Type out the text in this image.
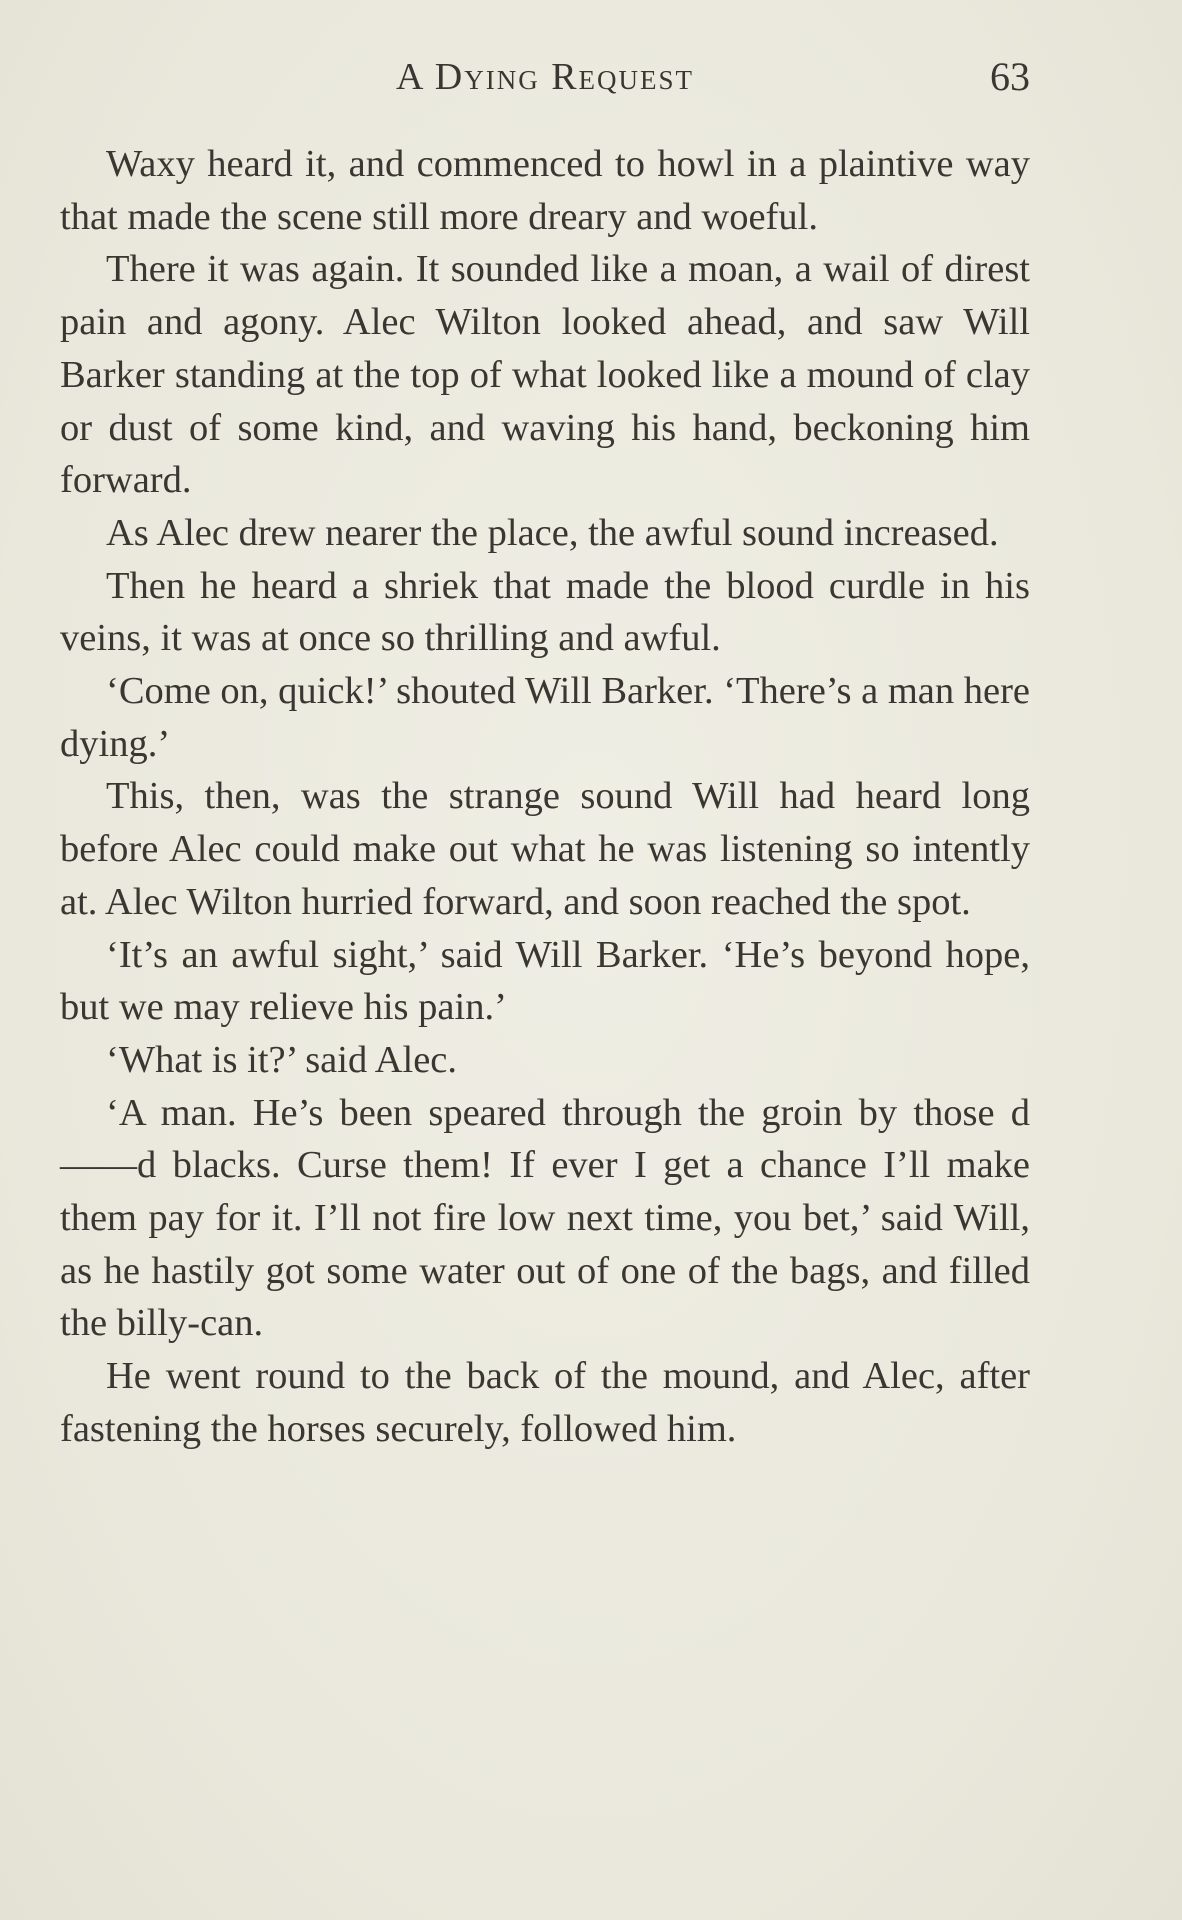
A Dying Request	63

Waxy heard it, and commenced to howl in a plaintive way that made the scene still more dreary and woeful.

There it was again. It sounded like a moan, a wail of direst pain and agony. Alec Wilton looked ahead, and saw Will Barker standing at the top of what looked like a mound of clay or dust of some kind, and waving his hand, beckoning him forward.

As Alec drew nearer the place, the awful sound increased.

Then he heard a shriek that made the blood curdle in his veins, it was at once so thrilling and awful.

‘Come on, quick!’ shouted Will Barker. ‘There’s a man here dying.’

This, then, was the strange sound Will had heard long before Alec could make out what he was listening so intently at. Alec Wilton hurried forward, and soon reached the spot.

‘It’s an awful sight,’ said Will Barker. ‘He’s beyond hope, but we may relieve his pain.’

‘What is it?’ said Alec.

‘A man. He’s been speared through the groin by those d——d blacks. Curse them! If ever I get a chance I’ll make them pay for it. I’ll not fire low next time, you bet,’ said Will, as he hastily got some water out of one of the bags, and filled the billy-can.

He went round to the back of the mound, and Alec, after fastening the horses securely, followed him.
